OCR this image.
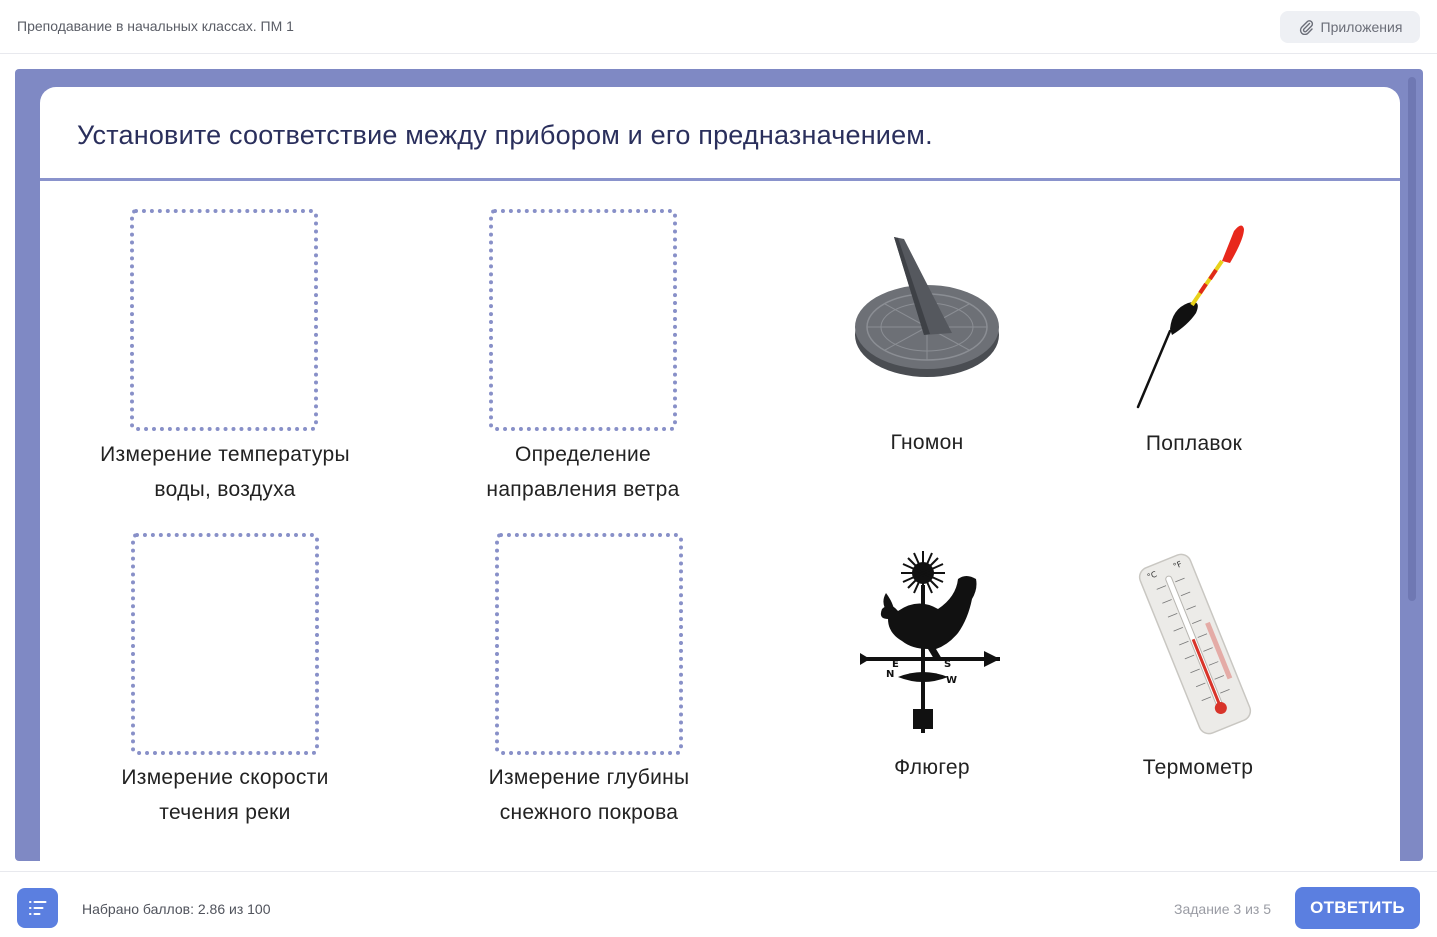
Преподавание в начальных классах. ПМ 1	Приложения
Установите соответствие между прибором и его предназначением.
Измерение температуры
воды, воздуха
Определение
направления ветра
Измерение скорости
течения реки
Измерение глубины
снежного покрова
Гномон	Поплавок
N
W
S
E
Флюгер
°C
°F
Термометр
Набрано баллов: 2.86 из 100	Задание 3 из 5	ОТВЕТИТЬ
